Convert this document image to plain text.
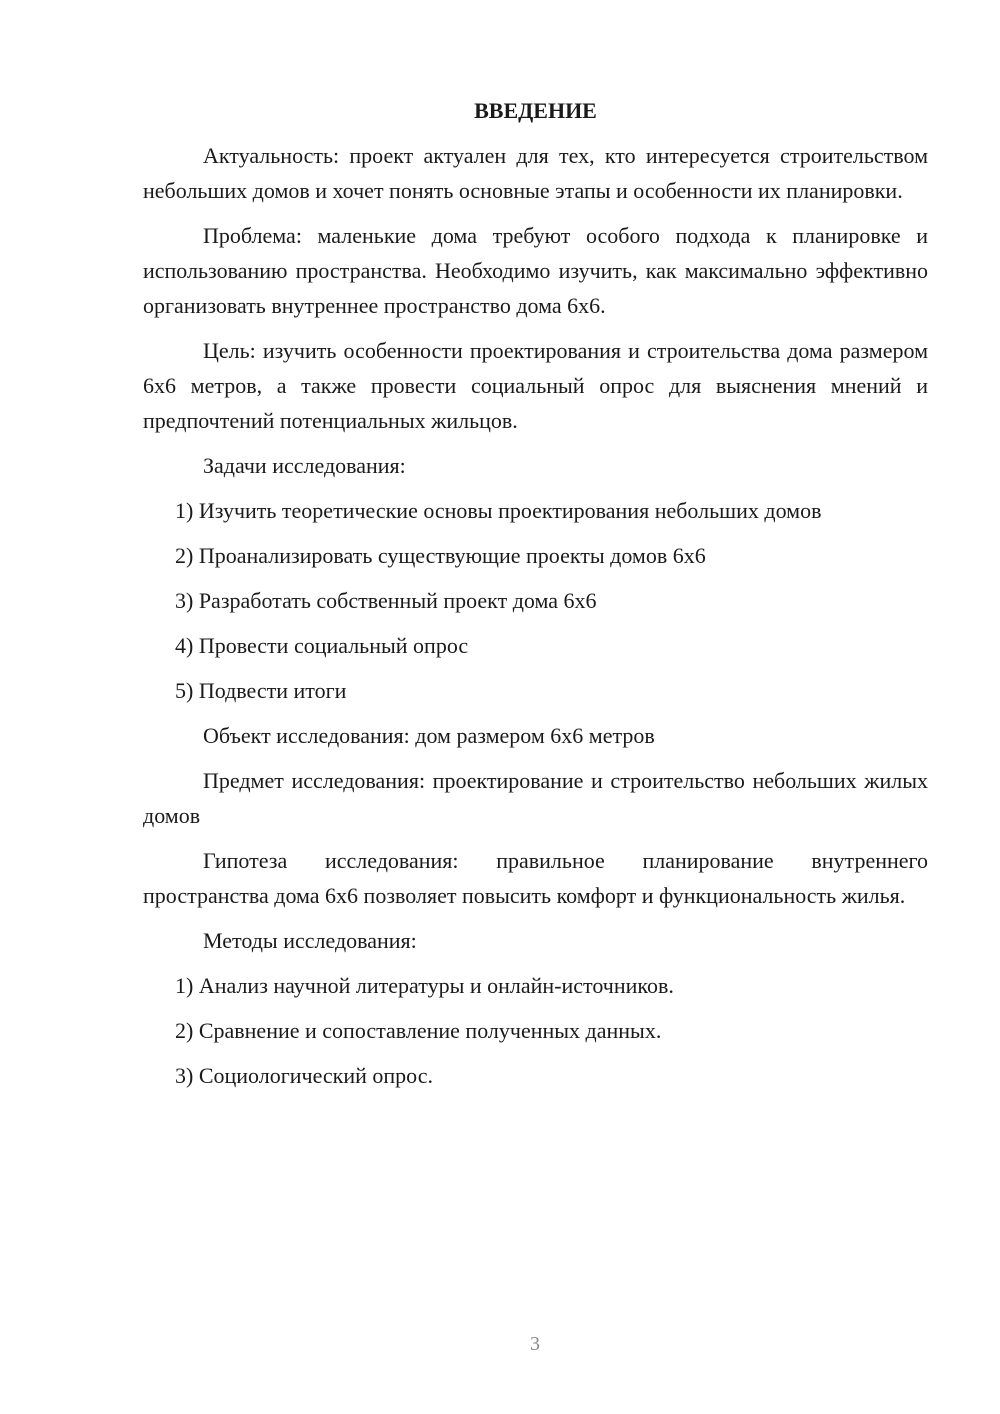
ВВЕДЕНИЕ

Актуальность: проект актуален для тех, кто интересуется строительством небольших домов и хочет понять основные этапы и особенности их планировки.

Проблема: маленькие дома требуют особого подхода к планировке и использованию пространства. Необходимо изучить, как максимально эффективно организовать внутреннее пространство дома 6х6.

Цель: изучить особенности проектирования и строительства дома размером 6х6 метров, а также провести социальный опрос для выяснения мнений и предпочтений потенциальных жильцов.

Задачи исследования:

1) Изучить теоретические основы проектирования небольших домов

2) Проанализировать существующие проекты домов 6х6

3) Разработать собственный проект дома 6х6

4) Провести социальный опрос

5) Подвести итоги

Объект исследования: дом размером 6х6 метров

Предмет исследования: проектирование и строительство небольших жилых домов

Гипотеза исследования: правильное планирование внутреннего пространства дома 6х6 позволяет повысить комфорт и функциональность жилья.

Методы исследования:

1) Анализ научной литературы и онлайн-источников.

2) Сравнение и сопоставление полученных данных.

3) Социологический опрос.

3
